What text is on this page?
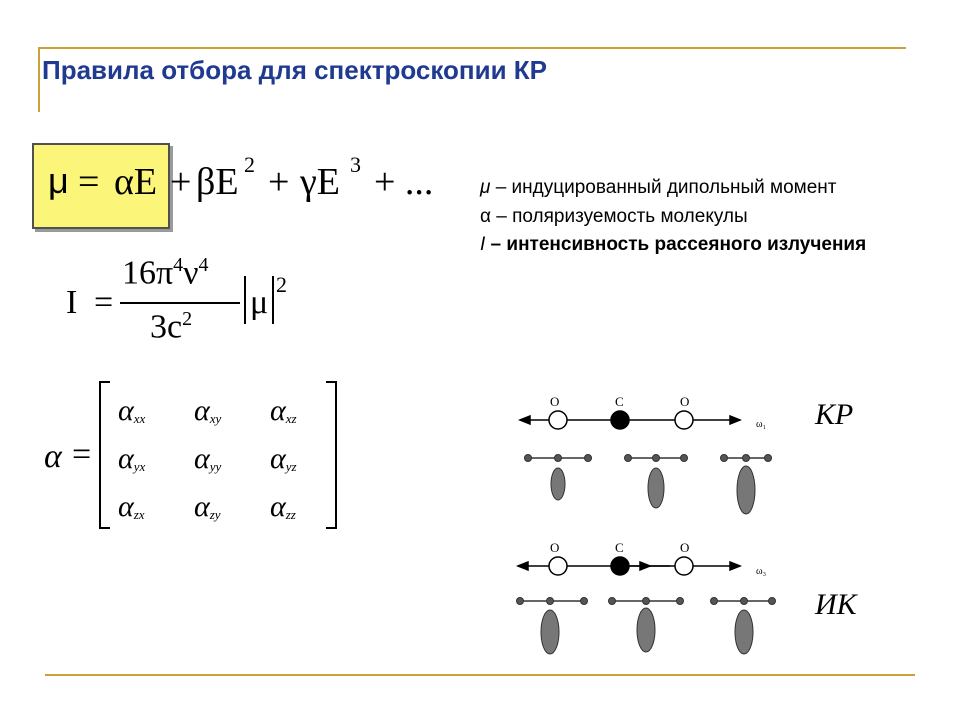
Правила отбора для спектроскопии КР
μ = αE + βE 2 + γE 3 + ... μ – индуцированный дипольный момент
α – поляризуемость молекулы
I – интенсивность рассеяного излучения
I =
$16\pi^4\nu^4$
$3c^2$ μ 2
α =
αxx αxy αxz
αyx αyy αyz
αzx αzy αzz
O	C	O
ω₁
O	C	O
ω₃
КР
ИК
